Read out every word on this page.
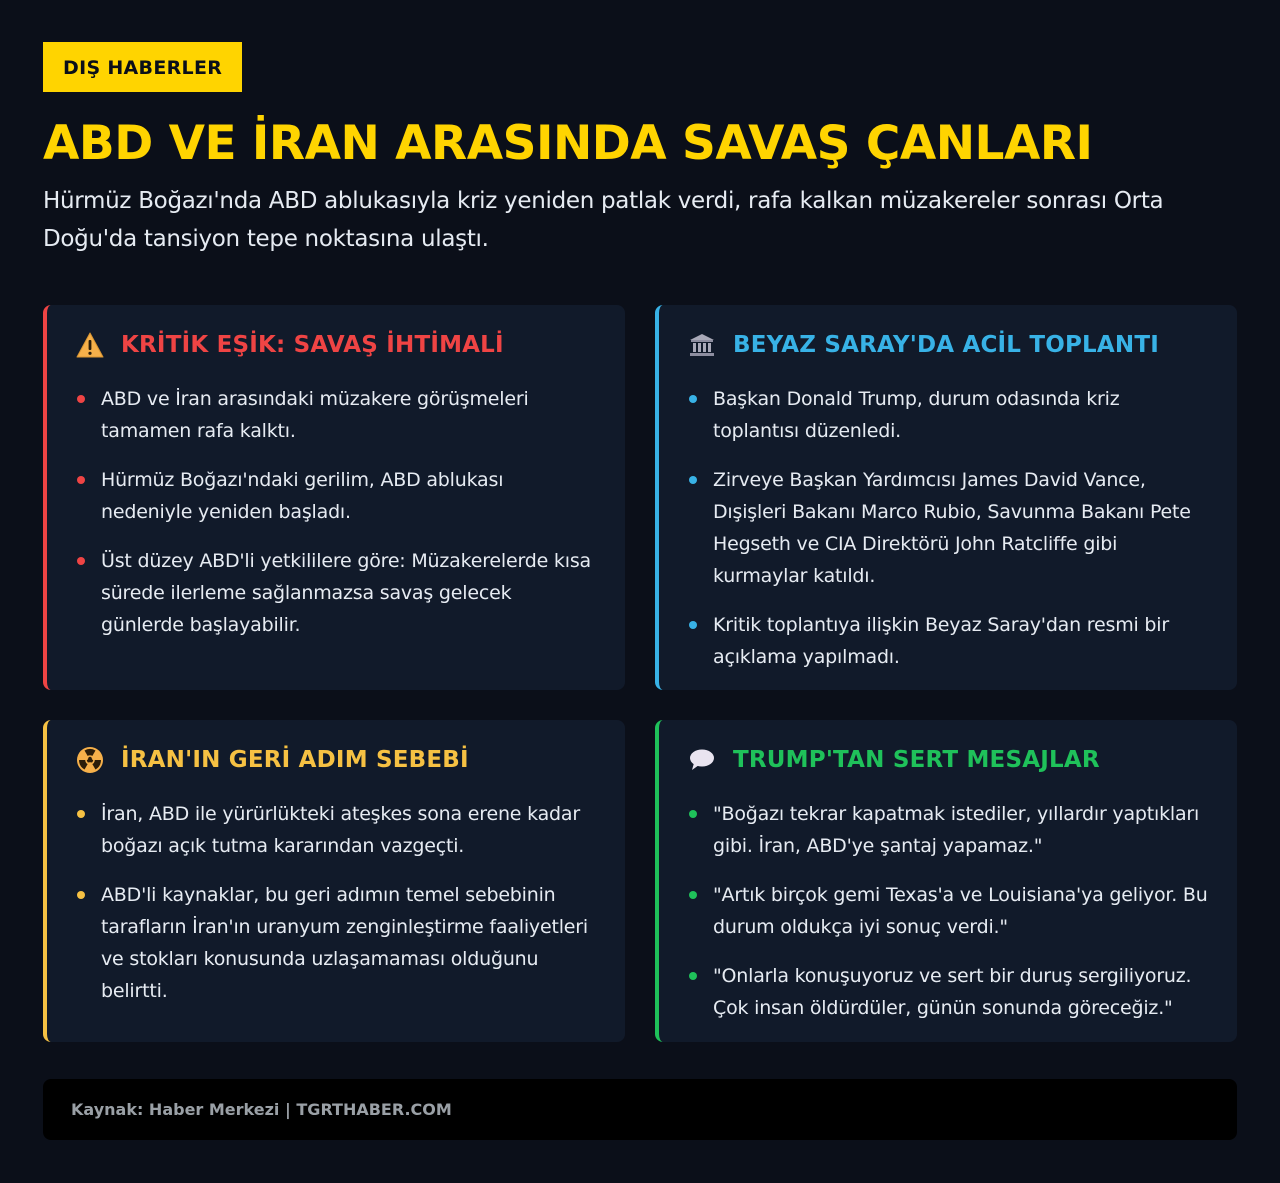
DIŞ HABERLER
ABD VE İRAN ARASINDA SAVAŞ ÇANLARI

Hürmüz Boğazı'nda ABD ablukasıyla kriz yeniden patlak verdi, rafa kalkan müzakereler sonrası Orta Doğu'da tansiyon tepe noktasına ulaştı.

KRİTİK EŞİK: SAVAŞ İHTİMALİ
ABD ve İran arasındaki müzakere görüşmeleri tamamen rafa kalktı.
Hürmüz Boğazı'ndaki gerilim, ABD ablukası nedeniyle yeniden başladı.
Üst düzey ABD'li yetkililere göre: Müzakerelerde kısa sürede ilerleme sağlanmazsa savaş gelecek günlerde başlayabilir.
BEYAZ SARAY'DA ACİL TOPLANTI
Başkan Donald Trump, durum odasında kriz toplantısı düzenledi.
Zirveye Başkan Yardımcısı James David Vance, Dışişleri Bakanı Marco Rubio, Savunma Bakanı Pete Hegseth ve CIA Direktörü John Ratcliffe gibi kurmaylar katıldı.
Kritik toplantıya ilişkin Beyaz Saray'dan resmi bir açıklama yapılmadı.
İRAN'IN GERİ ADIM SEBEBİ
İran, ABD ile yürürlükteki ateşkes sona erene kadar boğazı açık tutma kararından vazgeçti.
ABD'li kaynaklar, bu geri adımın temel sebebinin tarafların İran'ın uranyum zenginleştirme faaliyetleri ve stokları konusunda uzlaşamaması olduğunu belirtti.
TRUMP'TAN SERT MESAJLAR
"Boğazı tekrar kapatmak istediler, yıllardır yaptıkları gibi. İran, ABD'ye şantaj yapamaz."
"Artık birçok gemi Texas'a ve Louisiana'ya geliyor. Bu durum oldukça iyi sonuç verdi."
"Onlarla konuşuyoruz ve sert bir duruş sergiliyoruz. Çok insan öldürdüler, günün sonunda göreceğiz."
Kaynak: Haber Merkezi | TGRTHABER.COM
